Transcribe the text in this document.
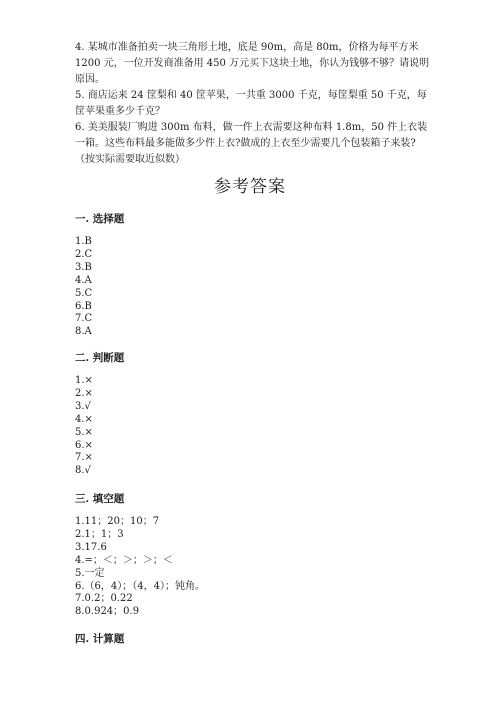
4. 某城市准备拍卖一块三角形土地，底是 90m，高是 80m，价格为每平方米 1200 元，一位开发商准备用 450 万元买下这块土地，你认为钱够不够？请说明原因。

5. 商店运来 24 筐梨和 40 筐苹果，一共重 3000 千克，每筐梨重 50 千克，每筐苹果重多少千克？

6. 美美服装厂购进 300m 布料，做一件上衣需要这种布料 1.8m，50 件上衣装一箱。这些布料最多能做多少件上衣?做成的上衣至少需要几个包装箱子来装?（按实际需要取近似数）

参考答案
一. 选择题
1.B
2.C
3.B
4.A
5.C
6.B
7.C
8.A
二. 判断题
1.×
2.×
3.√
4.×
5.×
6.×
7.×
8.√
三. 填空题
1.11；20；10；7
2.1；1；3
3.17.6
4.=；＜；＞；＞；＜
5.一定
6.（6，4）；（4，4）；钝角。
7.0.2；0.22
8.0.924；0.9
四. 计算题
